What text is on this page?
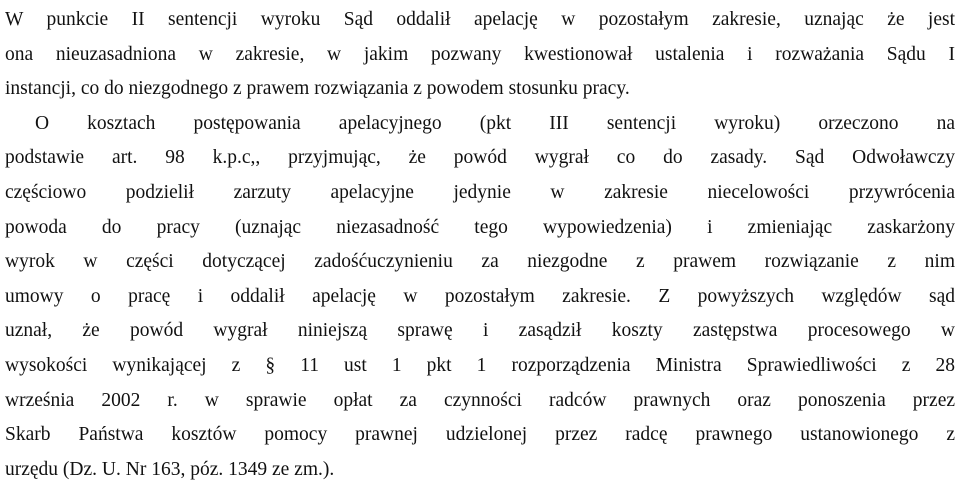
W punkcie II sentencji wyroku Sąd oddalił apelację w pozostałym zakresie, uznając że jest
ona nieuzasadniona w zakresie, w jakim pozwany kwestionował ustalenia i rozważania Sądu I
instancji, co do niezgodnego z prawem rozwiązania z powodem stosunku pracy.

O kosztach postępowania apelacyjnego (pkt III sentencji wyroku) orzeczono na
podstawie art. 98 k.p.c,, przyjmując, że powód wygrał co do zasady. Sąd Odwoławczy
częściowo podzielił zarzuty apelacyjne jedynie w zakresie niecelowości przywrócenia
powoda do pracy (uznając niezasadność tego wypowiedzenia) i zmieniając zaskarżony
wyrok w części dotyczącej zadośćuczynieniu za niezgodne z prawem rozwiązanie z nim
umowy o pracę i oddalił apelację w pozostałym zakresie. Z powyższych względów sąd
uznał, że powód wygrał niniejszą sprawę i zasądził koszty zastępstwa procesowego w
wysokości wynikającej z § 11 ust 1 pkt 1 rozporządzenia Ministra Sprawiedliwości z 28
września 2002 r. w sprawie opłat za czynności radców prawnych oraz ponoszenia przez
Skarb Państwa kosztów pomocy prawnej udzielonej przez radcę prawnego ustanowionego z
urzędu (Dz. U. Nr 163, póz. 1349 ze zm.).
